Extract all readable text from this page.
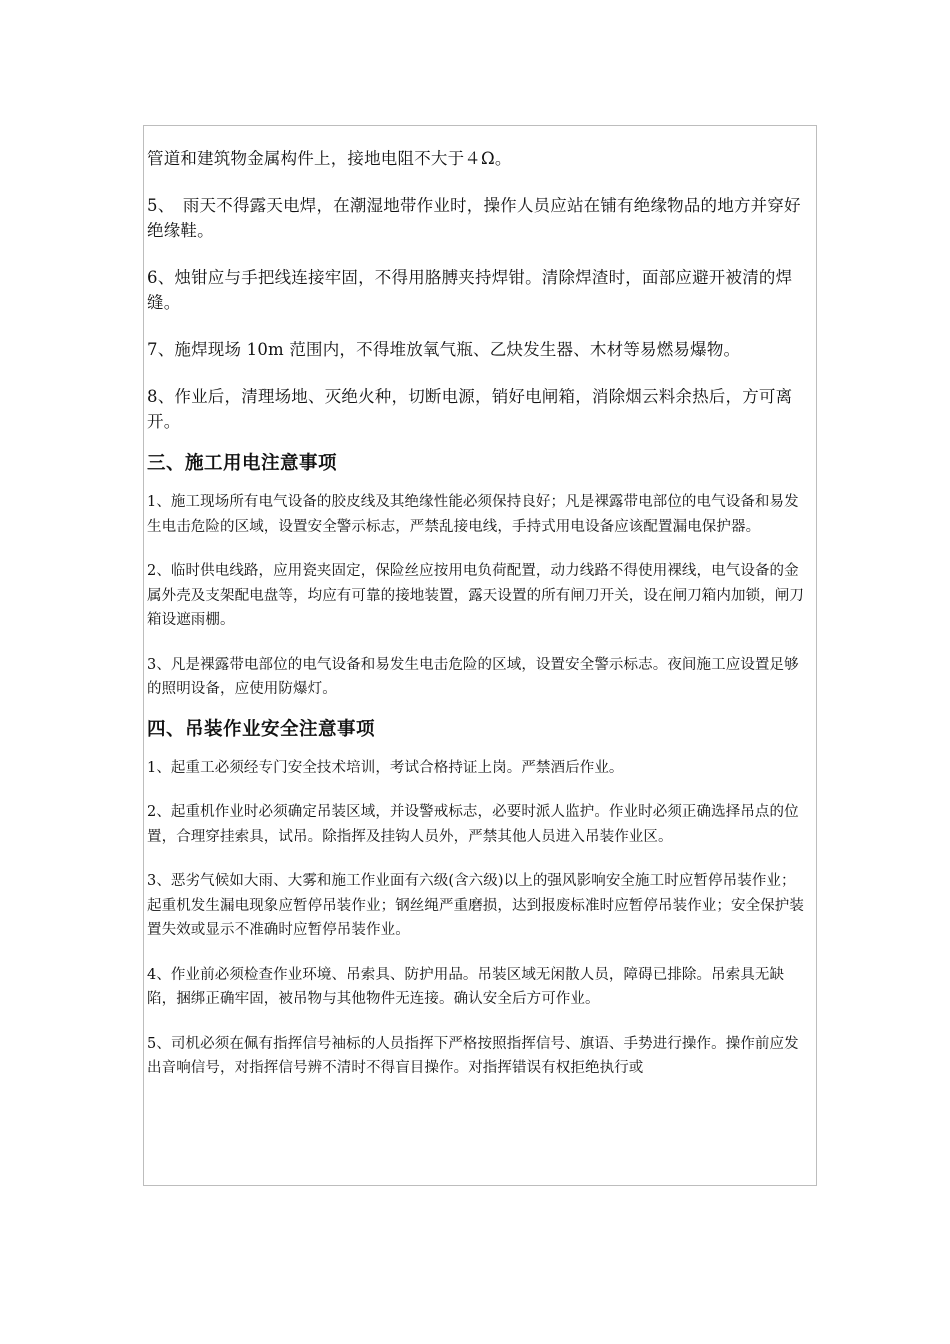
管道和建筑物金属构件上，接地电阻不大于４Ω。

5、　雨天不得露天电焊，在潮湿地带作业时，操作人员应站在铺有绝缘物品的地方并穿好绝缘鞋。

6、烛钳应与手把线连接牢固，不得用胳膊夹持焊钳。清除焊渣时，面部应避开被清的焊缝。

7、施焊现场 10m 范围内，不得堆放氧气瓶、乙炔发生器、木材等易燃易爆物。

8、作业后，清理场地、灭绝火种，切断电源，销好电闸箱，消除烟云料余热后，方可离开。

三、施工用电注意事项

1、施工现场所有电气设备的胶皮线及其绝缘性能必须保持良好；凡是裸露带电部位的电气设备和易发生电击危险的区域，设置安全警示标志，严禁乱接电线，手持式用电设备应该配置漏电保护器。

2、临时供电线路，应用瓷夹固定，保险丝应按用电负荷配置，动力线路不得使用裸线，电气设备的金属外壳及支架配电盘等，均应有可靠的接地装置，露天设置的所有闸刀开关，设在闸刀箱内加锁，闸刀箱设遮雨棚。

3、凡是裸露带电部位的电气设备和易发生电击危险的区域，设置安全警示标志。夜间施工应设置足够的照明设备，应使用防爆灯。

四、吊装作业安全注意事项

1、起重工必须经专门安全技术培训，考试合格持证上岗。严禁酒后作业。

2、起重机作业时必须确定吊装区域，并设警戒标志，必要时派人监护。作业时必须正确选择吊点的位置，合理穿挂索具，试吊。除指挥及挂钩人员外，严禁其他人员进入吊装作业区。

3、恶劣气候如大雨、大雾和施工作业面有六级(含六级)以上的强风影响安全施工时应暂停吊装作业；起重机发生漏电现象应暂停吊装作业；钢丝绳严重磨损，达到报废标准时应暂停吊装作业；安全保护装置失效或显示不准确时应暂停吊装作业。

4、作业前必须检查作业环境、吊索具、防护用品。吊装区域无闲散人员，障碍已排除。吊索具无缺陷，捆绑正确牢固，被吊物与其他物件无连接。确认安全后方可作业。

5、司机必须在佩有指挥信号袖标的人员指挥下严格按照指挥信号、旗语、手势进行操作。操作前应发出音响信号，对指挥信号辨不清时不得盲目操作。对指挥错误有权拒绝执行或
